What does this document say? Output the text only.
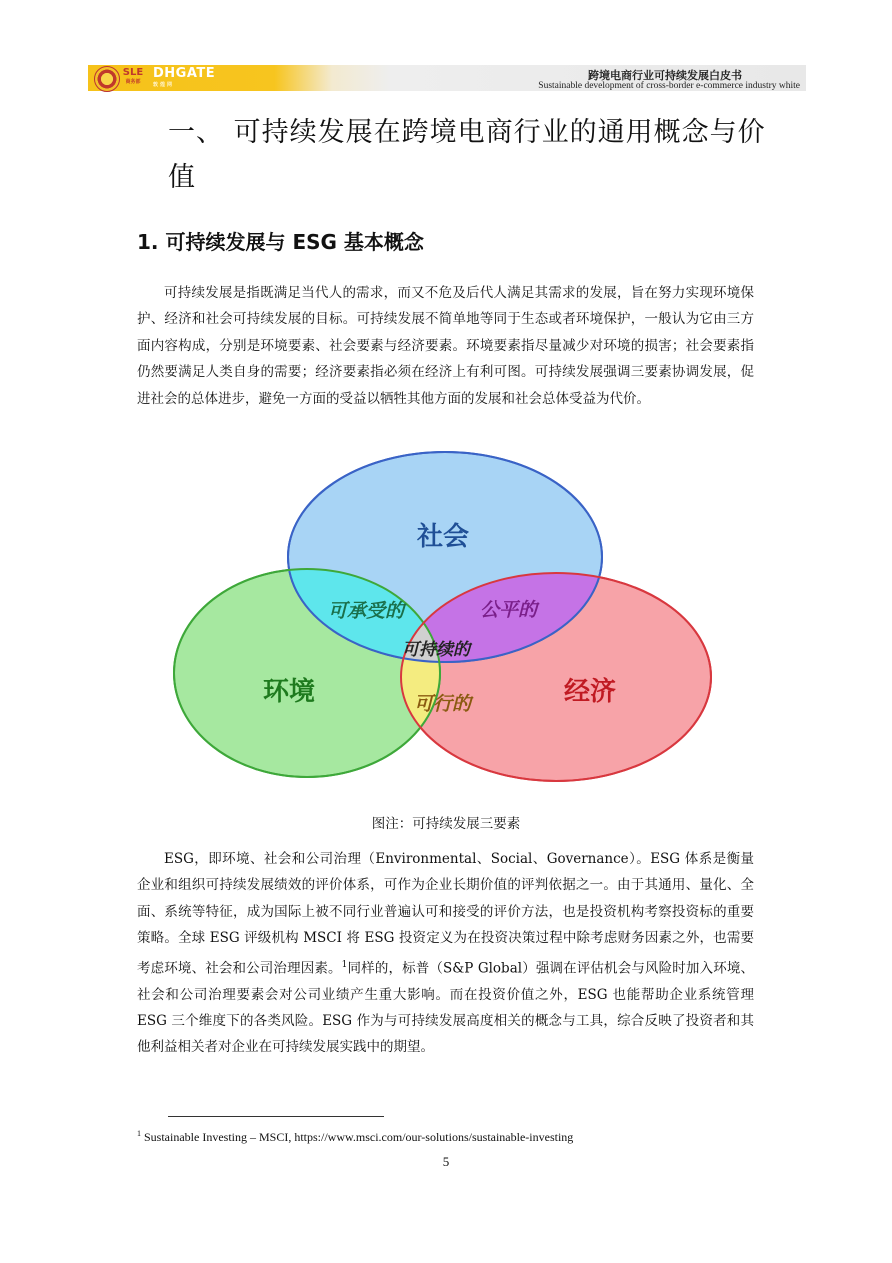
SLE
商务部
DHGATE
敦煌网
跨境电商行业可持续发展白皮书
Sustainable development of cross-border e-commerce industry white
一、 可持续发展在跨境电商行业的通用概念与价值
1. 可持续发展与 ESG 基本概念

可持续发展是指既满足当代人的需求，而又不危及后代人满足其需求的发展，旨在努力实现环境保护、经济和社会可持续发展的目标。可持续发展不简单地等同于生态或者环境保护，一般认为它由三方面内容构成，分别是环境要素、社会要素与经济要素。环境要素指尽量减少对环境的损害；社会要素指仍然要满足人类自身的需要；经济要素指必须在经济上有利可图。可持续发展强调三要素协调发展，促进社会的总体进步，避免一方面的受益以牺牲其他方面的发展和社会总体受益为代价。

社会
环境	经济
可承受的	公平的
可行的
可持续的
图注：可持续发展三要素

ESG，即环境、社会和公司治理（Environmental、Social、Governance）。ESG 体系是衡量企业和组织可持续发展绩效的评价体系，可作为企业长期价值的评判依据之一。由于其通用、量化、全面、系统等特征，成为国际上被不同行业普遍认可和接受的评价方法，也是投资机构考察投资标的重要策略。全球 ESG 评级机构 MSCI 将 ESG 投资定义为在投资决策过程中除考虑财务因素之外，也需要考虑环境、社会和公司治理因素。$^1$同样的，标普（S&P Global）强调在评估机会与风险时加入环境、社会和公司治理要素会对公司业绩产生重大影响。而在投资价值之外，ESG 也能帮助企业系统管理 ESG 三个维度下的各类风险。ESG 作为与可持续发展高度相关的概念与工具，综合反映了投资者和其他利益相关者对企业在可持续发展实践中的期望。

$^1$ Sustainable Investing – MSCI, https://www.msci.com/our-solutions/sustainable-investing
5
